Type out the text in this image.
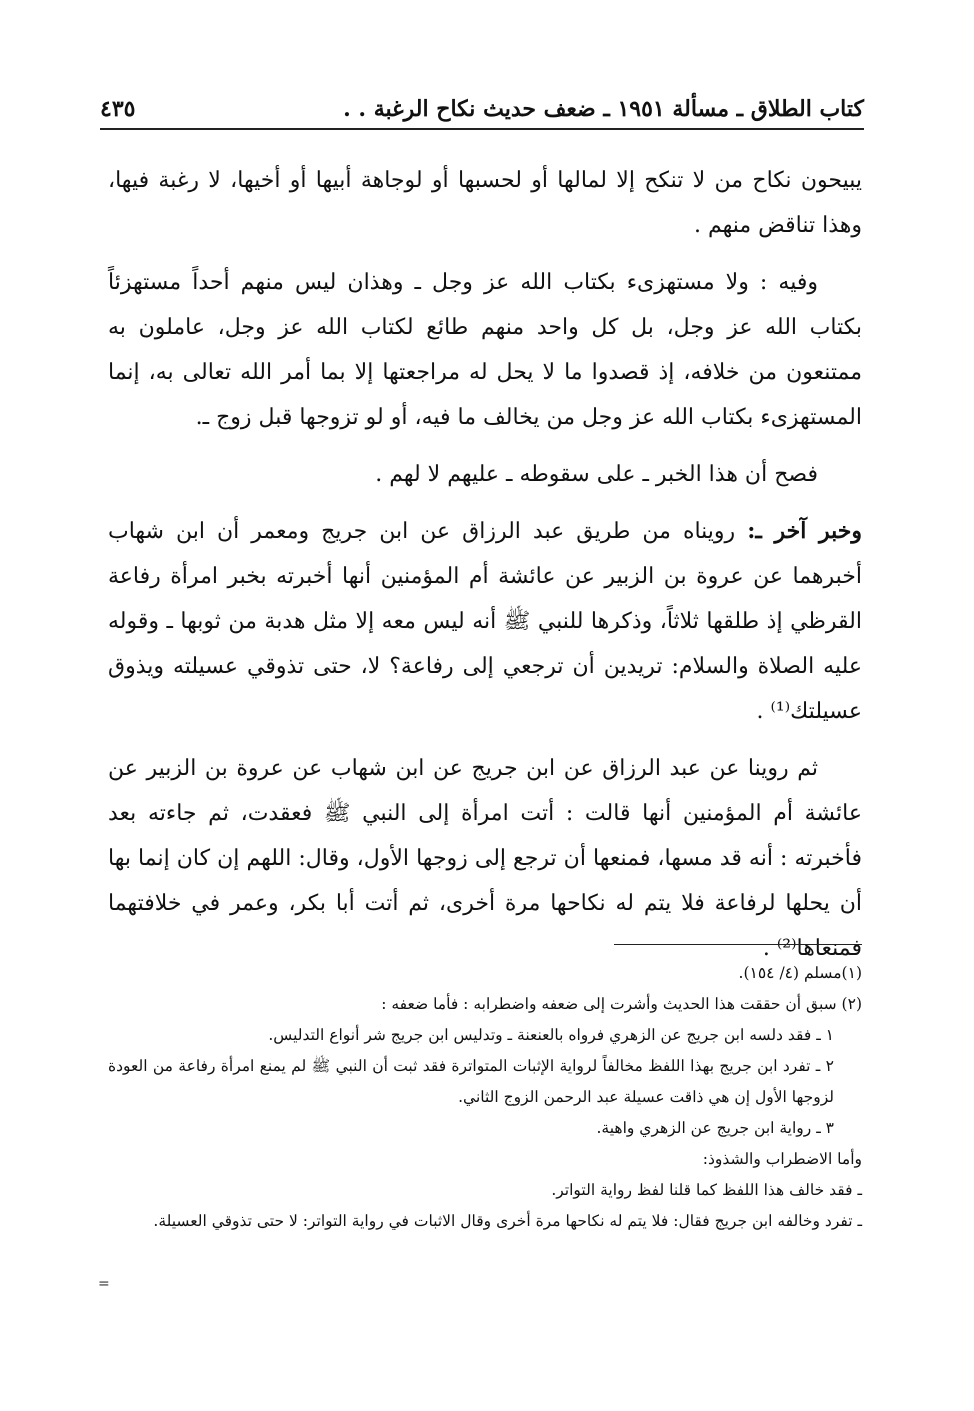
كتاب الطلاق ـ مسألة ١٩٥١ ـ ضعف حديث نكاح الرغبة . .
٤٣٥

يبيحون نكاح من لا تنكح إلا لمالها أو لحسبها أو لوجاهة أبيها أو أخيها، لا رغبة فيها، وهذا تناقض منهم .

وفيه : ولا مستهزىء بكتاب الله عز وجل ـ وهذان ليس منهم أحداً مستهزئاً بكتاب الله عز وجل، بل كل واحد منهم طائع لكتاب الله عز وجل، عاملون به ممتنعون من خلافه، إذ قصدوا ما لا يحل له مراجعتها إلا بما أمر الله تعالى به، إنما المستهزىء بكتاب الله عز وجل من يخالف ما فيه، أو لو تزوجها قبل زوج ـ.

فصح أن هذا الخبر ـ على سقوطه ـ عليهم لا لهم .

وخبر آخر ـ: رويناه من طريق عبد الرزاق عن ابن جريج ومعمر أن ابن شهاب أخبرهما عن عروة بن الزبير عن عائشة أم المؤمنين أنها أخبرته بخبر امرأة رفاعة القرظي إذ طلقها ثلاثاً، وذكرها للنبي ﷺ أنه ليس معه إلا مثل هدبة من ثوبها ـ وقوله عليه الصلاة والسلام: تريدين أن ترجعي إلى رفاعة؟ لا، حتى تذوقي عسيلته ويذوق عسيلتك⁽¹⁾ .

ثم روينا عن عبد الرزاق عن ابن جريج عن ابن شهاب عن عروة بن الزبير عن عائشة أم المؤمنين أنها قالت : أتت امرأة إلى النبي ﷺ فعقدت، ثم جاءته بعد فأخبرته : أنه قد مسها، فمنعها أن ترجع إلى زوجها الأول، وقال: اللهم إن كان إنما بها أن يحلها لرفاعة فلا يتم له نكاحها مرة أخرى، ثم أتت أبا بكر، وعمر في خلافتهما فمنعاها⁽²⁾ .

(١)مسلم (٤/ ١٥٤).

(٢) سبق أن حققت هذا الحديث وأشرت إلى ضعفه واضطرابه : فأما ضعفه :

١ ـ فقد دلسه ابن جريج عن الزهري فرواه بالعنعنة ـ وتدليس ابن جريج شر أنواع التدليس.

٢ ـ تفرد ابن جريج بهذا اللفظ مخالفاً لرواية الإثبات المتواترة فقد ثبت أن النبي ﷺ لم يمنع امرأة رفاعة من العودة لزوجها الأول إن هي ذاقت عسيلة عبد الرحمن الزوج الثاني.

٣ ـ رواية ابن جريج عن الزهري واهية.

وأما الاضطراب والشذوذ:

ـ فقد خالف هذا اللفظ كما قلنا لفظ رواية التواتر.

ـ تفرد وخالفه ابن جريج فقال: فلا يتم له نكاحها مرة أخرى وقال الاثبات في رواية التواتر: لا حتى تذوقي العسيلة.

=
